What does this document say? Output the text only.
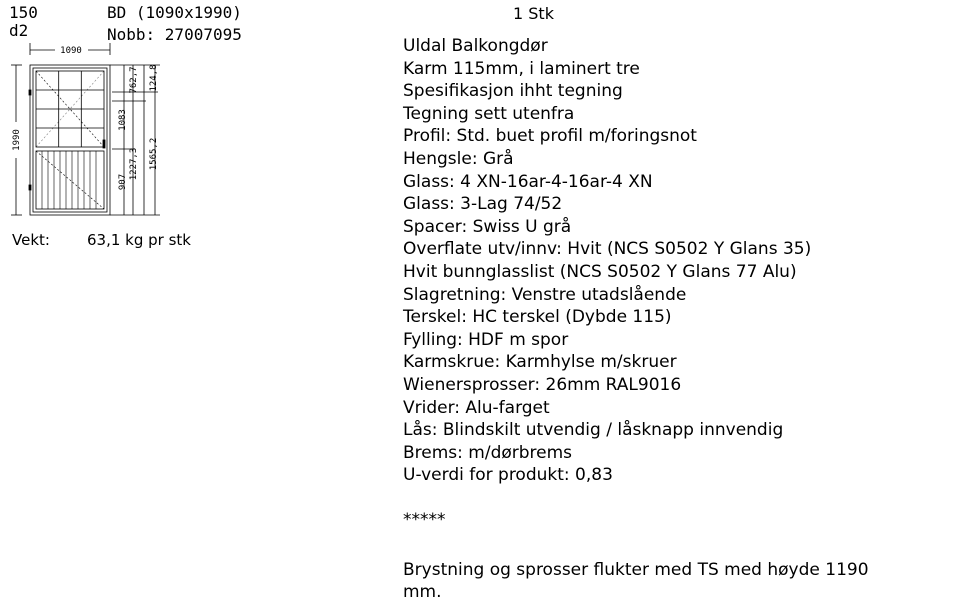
150
d2
BD (1090x1990)
Nobb: 27007095
1 Stk
1090
1990
1083
907
762,7
1227,3
124,8
1565,2
Vekt: 63,1 kg pr stk
Uldal Balkongdør
Karm 115mm, i laminert tre
Spesifikasjon ihht tegning
Tegning sett utenfra
Profil: Std. buet profil m/foringsnot
Hengsle: Grå
Glass: 4 XN-16ar-4-16ar-4 XN
Glass: 3-Lag 74/52
Spacer: Swiss U grå
Overflate utv/innv: Hvit (NCS S0502 Y Glans 35)
Hvit bunnglasslist (NCS S0502 Y Glans 77 Alu)
Slagretning: Venstre utadslående
Terskel: HC terskel (Dybde 115)
Fylling: HDF m spor
Karmskrue: Karmhylse m/skruer
Wienersprosser: 26mm RAL9016
Vrider: Alu-farget
Lås: Blindskilt utvendig / låsknapp innvendig
Brems: m/dørbrems
U-verdi for produkt: 0,83
*****
Brystning og sprosser flukter med TS med høyde 1190 mm.
